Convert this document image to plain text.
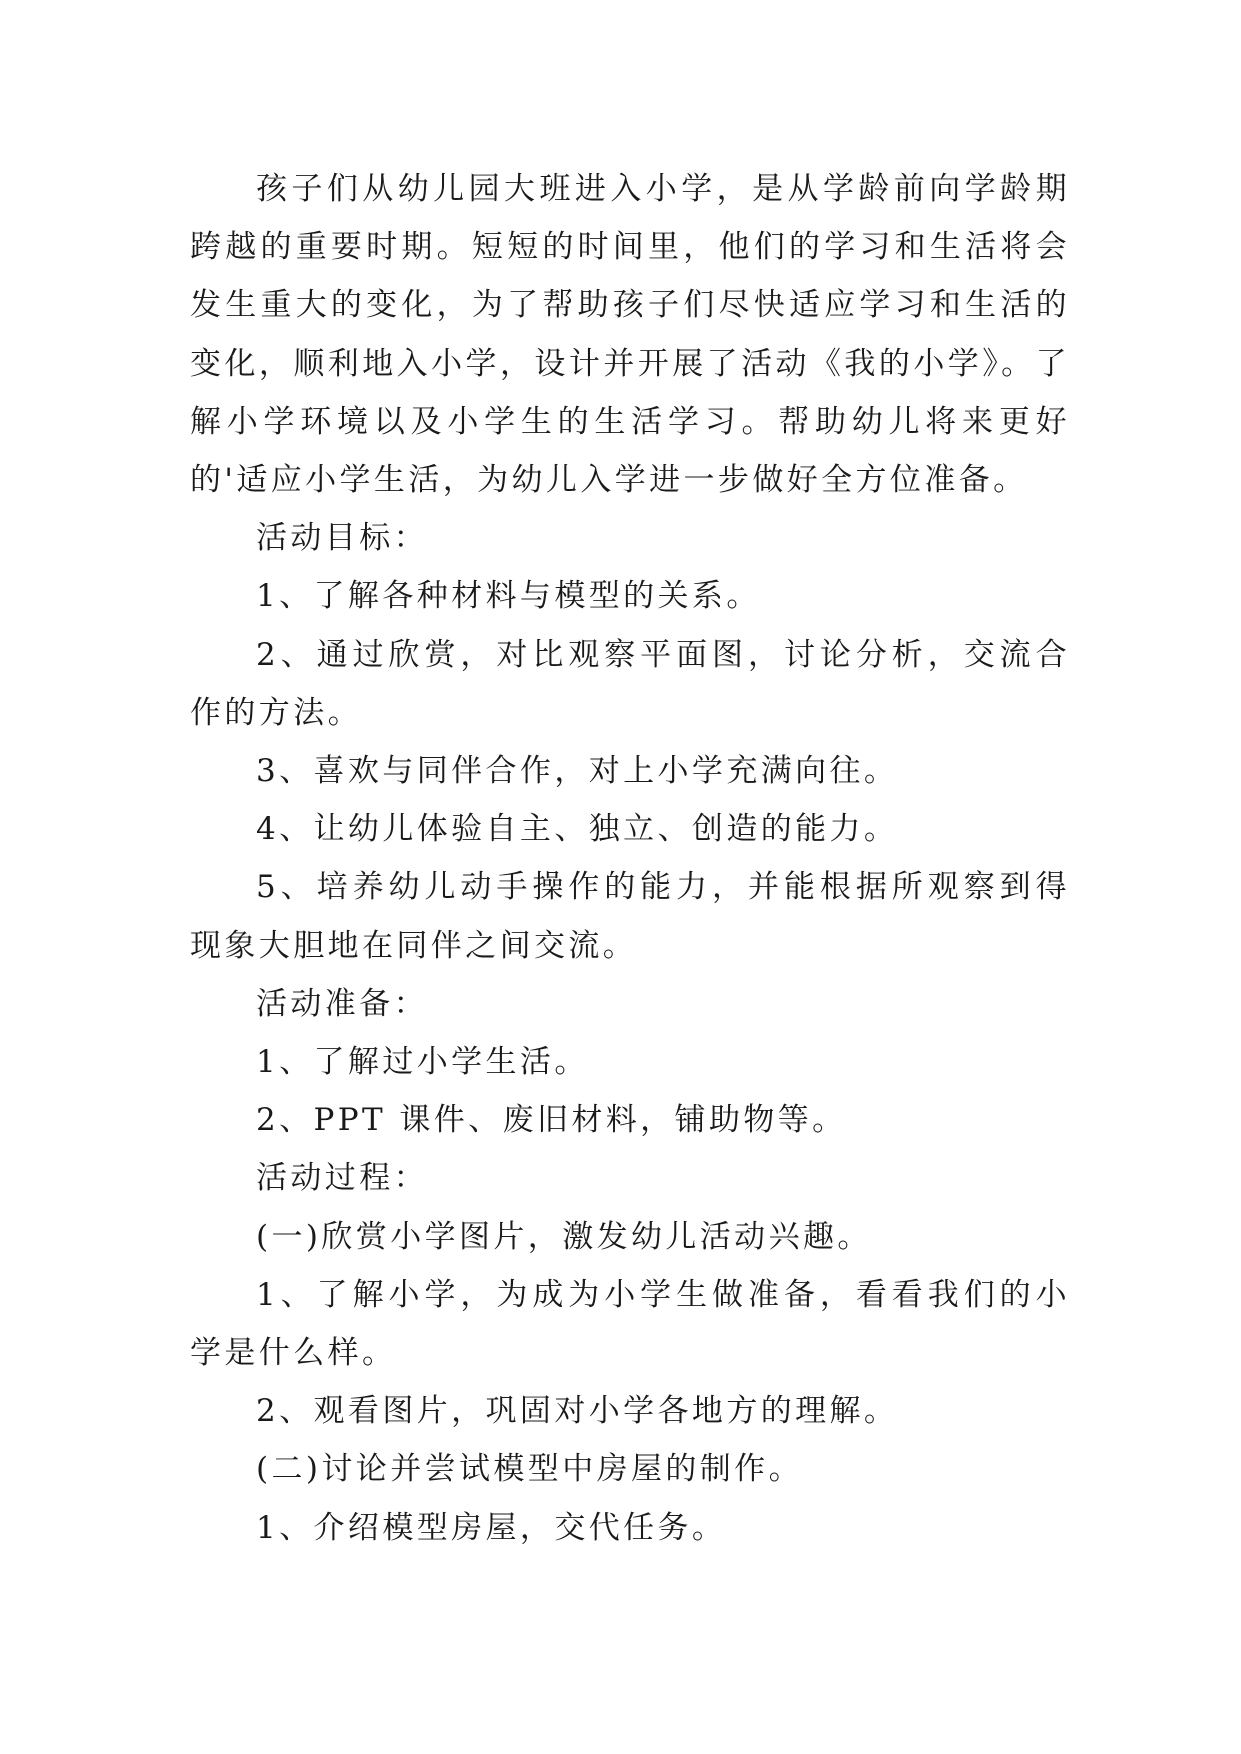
孩子们从幼儿园大班进入小学，是从学龄前向学龄期跨越的重要时期。短短的时间里，他们的学习和生活将会发生重大的变化，为了帮助孩子们尽快适应学习和生活的变化，顺利地入小学，设计并开展了活动《我的小学》。了解小学环境以及小学生的生活学习。帮助幼儿将来更好的'适应小学生活，为幼儿入学进一步做好全方位准备。

活动目标：

1、了解各种材料与模型的关系。

2、通过欣赏，对比观察平面图，讨论分析，交流合作的方法。

3、喜欢与同伴合作，对上小学充满向往。

4、让幼儿体验自主、独立、创造的能力。

5、培养幼儿动手操作的能力，并能根据所观察到得现象大胆地在同伴之间交流。

活动准备：

1、了解过小学生活。

2、PPT 课件、废旧材料，铺助物等。

活动过程：

(一)欣赏小学图片，激发幼儿活动兴趣。

1、了解小学，为成为小学生做准备，看看我们的小学是什么样。

2、观看图片，巩固对小学各地方的理解。

(二)讨论并尝试模型中房屋的制作。

1、介绍模型房屋，交代任务。
